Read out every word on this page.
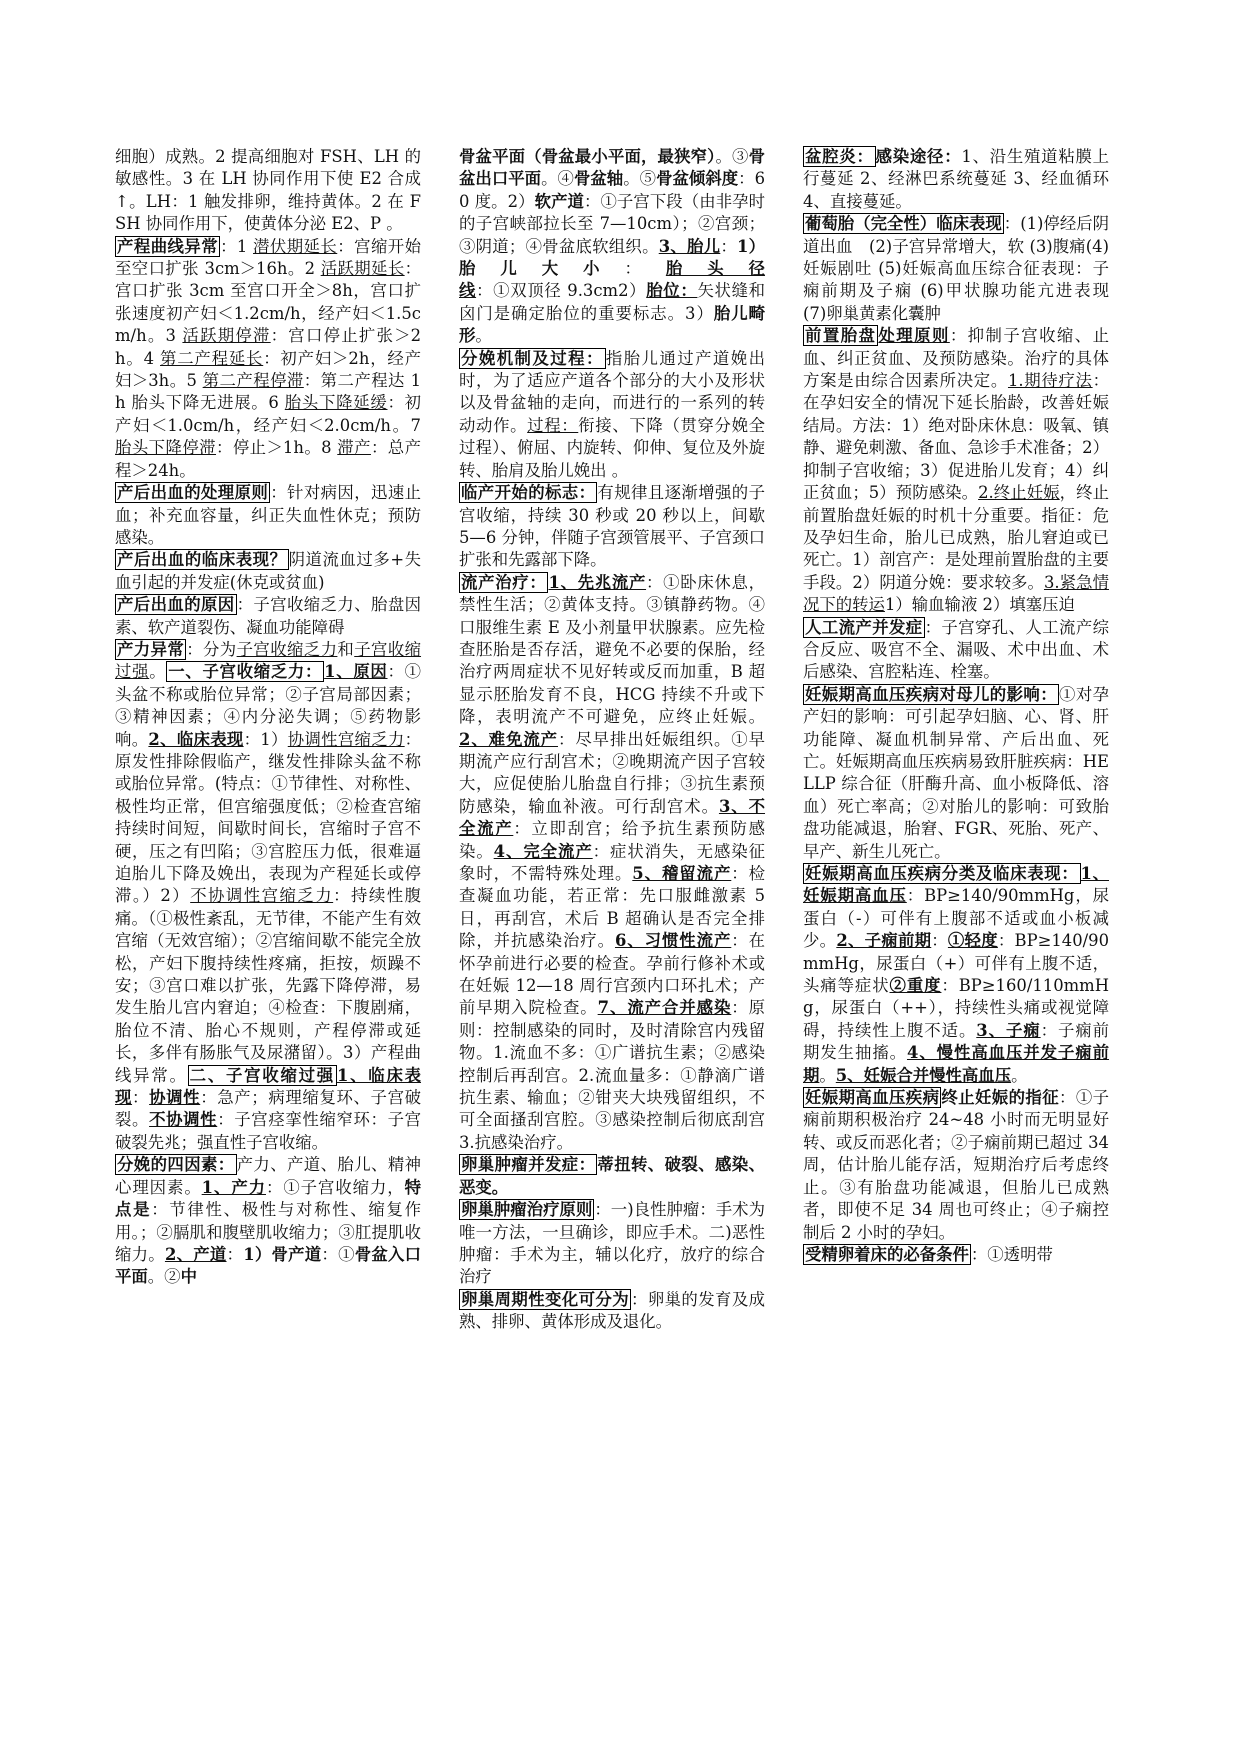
细胞）成熟。2 提高细胞对 FSH、LH 的敏感性。3 在 LH 协同作用下使 E2 合成↑。LH：1 触发排卵，维持黄体。2 在 FSH 协同作用下，使黄体分泌 E2、P 。

产程曲线异常 ：1 潜伏期延长：宫缩开始至空口扩张 3cm＞16h。2 活跃期延长：宫口扩张 3cm 至宫口开全＞8h，宫口扩张速度初产妇＜1.2cm/h，经产妇＜1.5cm/h。3 活跃期停滞：宫口停止扩张＞2h。4 第二产程延长：初产妇＞2h，经产妇＞3h。5 第二产程停滞：第二产程达 1h 胎头下降无进展。6 胎头下降延缓：初产妇＜1.0cm/h，经产妇＜2.0cm/h。7 胎头下降停滞：停止＞1h。8 滞产：总产程＞24h。

产后出血的处理原则 ：针对病因，迅速止血；补充血容量，纠正失血性休克；预防感染。

产后出血的临床表现？ 阴道流血过多+失血引起的并发症(休克或贫血)

产后出血的原因 ：子宫收缩乏力、胎盘因素、软产道裂伤、凝血功能障碍

产力异常 ：分为子宫收缩乏力和子宫收缩过强。 一、子宫收缩乏力： 1、原因：①头盆不称或胎位异常；②子宫局部因素；③精神因素；④内分泌失调；⑤药物影响。2、临床表现：1）协调性宫缩乏力：原发性排除假临产，继发性排除头盆不称或胎位异常。(特点：①节律性、对称性、极性均正常，但宫缩强度低；②检查宫缩持续时间短，间歇时间长，宫缩时子宫不硬，压之有凹陷；③宫腔压力低，很难逼迫胎儿下降及娩出，表现为产程延长或停滞。）2）不协调性宫缩乏力：持续性腹痛。（①极性紊乱，无节律，不能产生有效宫缩（无效宫缩）；②宫缩间歇不能完全放松，产妇下腹持续性疼痛，拒按，烦躁不安；③宫口难以扩张，先露下降停滞，易发生胎儿宫内窘迫；④检查：下腹剧痛，胎位不清、胎心不规则，产程停滞或延长，多伴有肠胀气及尿潴留）。3）产程曲线异常。 二、子宫收缩过强 1、临床表现：协调性：急产；病理缩复环、子宫破裂。不协调性：子宫痉挛性缩窄环：子宫破裂先兆；强直性子宫收缩。

分娩的四因素： 产力、产道、胎儿、精神心理因素。1、产力：①子宫收缩力，特点是：节律性、极性与对称性、缩复作用。；②膈肌和腹壁肌收缩力；③肛提肌收缩力。2、产道：1）骨产道：①骨盆入口平面。②中

骨盆平面（骨盆最小平面，最狭窄）。③骨盆出口平面。④骨盆轴。⑤骨盆倾斜度：60 度。2）软产道：①子宫下段（由非孕时的子宫峡部拉长至 7—10cm）；②宫颈；③阴道；④骨盆底软组织。3、胎儿：1）胎儿大小：胎头径线：①双顶径 9.3cm2）胎位：矢状缝和囟门是确定胎位的重要标志。3）胎儿畸形。

分娩机制及过程： 指胎儿通过产道娩出时，为了适应产道各个部分的大小及形状以及骨盆轴的走向，而进行的一系列的转动动作。过程：衔接、下降（贯穿分娩全过程）、俯屈、内旋转、仰伸、复位及外旋转、胎肩及胎儿娩出 。

临产开始的标志： 有规律且逐渐增强的子宫收缩，持续 30 秒或 20 秒以上，间歇 5—6 分钟，伴随子宫颈管展平、子宫颈口扩张和先露部下降。

流产治疗： 1、先兆流产：①卧床休息，禁性生活；②黄体支持。③镇静药物。④口服维生素 E 及小剂量甲状腺素。应先检查胚胎是否存活，避免不必要的保胎，经治疗两周症状不见好转或反而加重，B 超显示胚胎发育不良，HCG 持续不升或下降，表明流产不可避免，应终止妊娠。2、难免流产：尽早排出妊娠组织。①早期流产应行刮宫术；②晚期流产因子宫较大，应促使胎儿胎盘自行排；③抗生素预防感染，输血补液。可行刮宫术。3、不全流产：立即刮宫；给予抗生素预防感染。4、完全流产：症状消失，无感染征象时，不需特殊处理。5、稽留流产：检查凝血功能，若正常：先口服雌激素 5 日，再刮宫，术后 B 超确认是否完全排除，并抗感染治疗。6、习惯性流产：在怀孕前进行必要的检查。孕前行修补术或在妊娠 12—18 周行宫颈内口环扎术；产前早期入院检查。7、流产合并感染：原则：控制感染的同时，及时清除宫内残留物。1.流血不多：①广谱抗生素；②感染控制后再刮宫。2.流血量多：①静滴广谱抗生素、输血；②钳夹大块残留组织，不可全面搔刮宫腔。③感染控制后彻底刮宫 3.抗感染治疗。

卵巢肿瘤并发症： 蒂扭转、破裂、感染、恶变。

卵巢肿瘤治疗原则 ：一)良性肿瘤：手术为唯一方法，一旦确诊，即应手术。二)恶性肿瘤：手术为主，辅以化疗，放疗的综合治疗

卵巢周期性变化可分为 ：卵巢的发育及成熟、排卵、黄体形成及退化。

盆腔炎： 感染途径：1、沿生殖道粘膜上行蔓延 2、经淋巴系统蔓延 3、经血循环 4、直接蔓延。

葡萄胎（完全性）临床表现 ：(1)停经后阴道出血　(2)子宫异常增大，软 (3)腹痛(4)妊娠剧吐 (5)妊娠高血压综合征表现：子痫前期及子痫 (6)甲状腺功能亢进表现　(7)卵巢黄素化囊肿

前置胎盘 处理原则：抑制子宫收缩、止血、纠正贫血、及预防感染。治疗的具体方案是由综合因素所决定。1.期待疗法：在孕妇安全的情况下延长胎龄，改善妊娠结局。方法：1）绝对卧床休息：吸氧、镇静、避免刺激、备血、急诊手术准备；2）抑制子宫收缩；3）促进胎儿发育；4）纠正贫血；5）预防感染。2.终止妊娠，终止前置胎盘妊娠的时机十分重要。指征：危及孕妇生命，胎儿已成熟，胎儿窘迫或已死亡。1）剖宫产：是处理前置胎盘的主要手段。2）阴道分娩：要求较多。3.紧急情况下的转运1）输血输液 2）填塞压迫

人工流产并发症 ：子宫穿孔、人工流产综合反应、吸宫不全、漏吸、术中出血、术后感染、宫腔粘连、栓塞。

妊娠期高血压疾病对母儿的影响： ①对孕产妇的影响：可引起孕妇脑、心、肾、肝功能障、凝血机制异常、产后出血、死亡。妊娠期高血压疾病易致肝脏疾病：HELLP 综合征（肝酶升高、血小板降低、溶血）死亡率高；②对胎儿的影响：可致胎盘功能减退，胎窘、FGR、死胎、死产、早产、新生儿死亡。

妊娠期高血压疾病分类及临床表现： 1、妊娠期高血压：BP≥140/90mmHg，尿蛋白（-）可伴有上腹部不适或血小板减少。2、子痫前期：①轻度：BP≥140/90mmHg，尿蛋白（+）可伴有上腹不适，头痛等症状②重度：BP≥160/110mmHg，尿蛋白（++），持续性头痛或视觉障碍，持续性上腹不适。3、子痫：子痫前期发生抽搐。4、慢性高血压并发子痫前期。5、妊娠合并慢性高血压。

妊娠期高血压疾病 终止妊娠的指征：①子痫前期积极治疗 24~48 小时而无明显好转、或反而恶化者；②子痫前期已超过 34 周，估计胎儿能存活，短期治疗后考虑终止。③有胎盘功能减退，但胎儿已成熟者，即使不足 34 周也可终止；④子痫控制后 2 小时的孕妇。

受精卵着床的必备条件 ：①透明带
